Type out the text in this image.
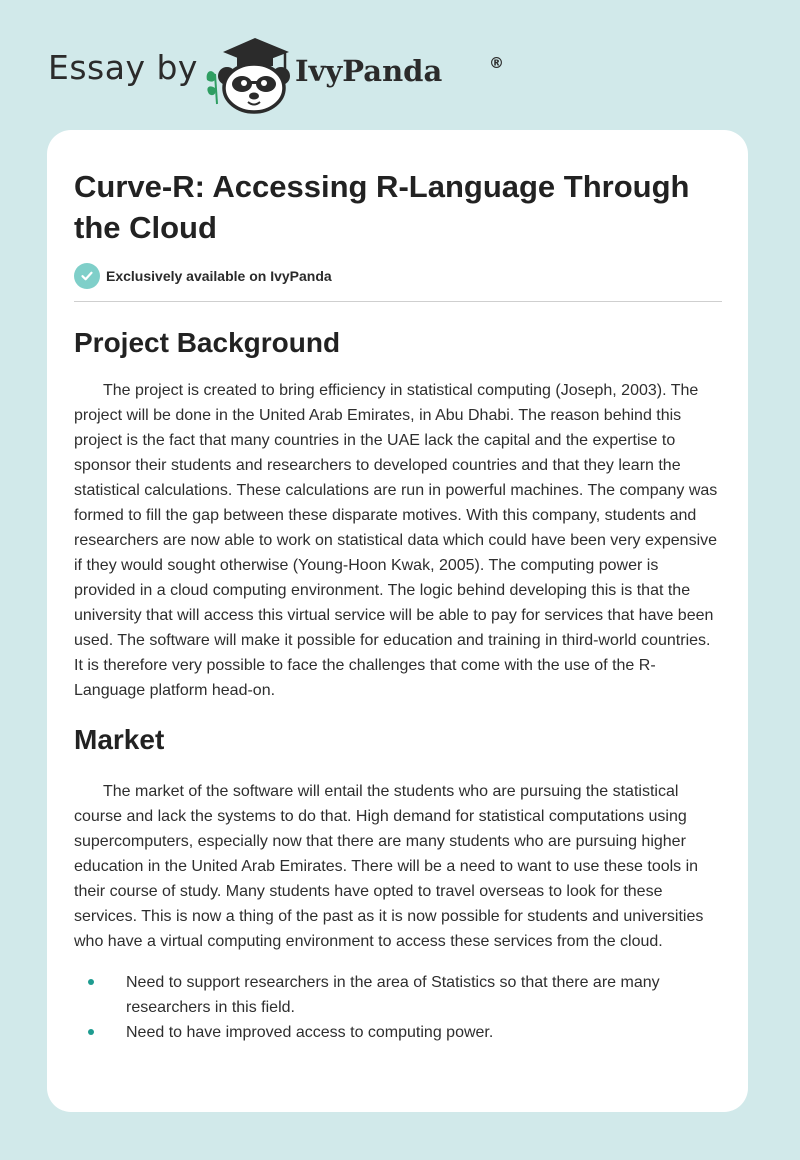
Essay by	IvyPanda	®
Curve-R: Accessing R-Language Through the Cloud
Exclusively available on IvyPanda
Project Background

The project is created to bring efficiency in statistical computing (Joseph, 2003). The project will be done in the United Arab Emirates, in Abu Dhabi. The reason behind this project is the fact that many countries in the UAE lack the capital and the expertise to sponsor their students and researchers to developed countries and that they learn the statistical calculations. These calculations are run in powerful machines. The company was formed to fill the gap between these disparate motives. With this company, students and researchers are now able to work on statistical data which could have been very expensive if they would sought otherwise (Young-Hoon Kwak, 2005). The computing power is provided in a cloud computing environment. The logic behind developing this is that the university that will access this virtual service will be able to pay for services that have been used. The software will make it possible for education and training in third-world countries. It is therefore very possible to face the challenges that come with the use of the R-Language platform head-on.

Market

The market of the software will entail the students who are pursuing the statistical course and lack the systems to do that. High demand for statistical computations using supercomputers, especially now that there are many students who are pursuing higher education in the United Arab Emirates. There will be a need to want to use these tools in their course of study. Many students have opted to travel overseas to look for these services. This is now a thing of the past as it is now possible for students and universities who have a virtual computing environment to access these services from the cloud.

Need to support researchers in the area of Statistics so that there are many researchers in this field.
Need to have improved access to computing power.
